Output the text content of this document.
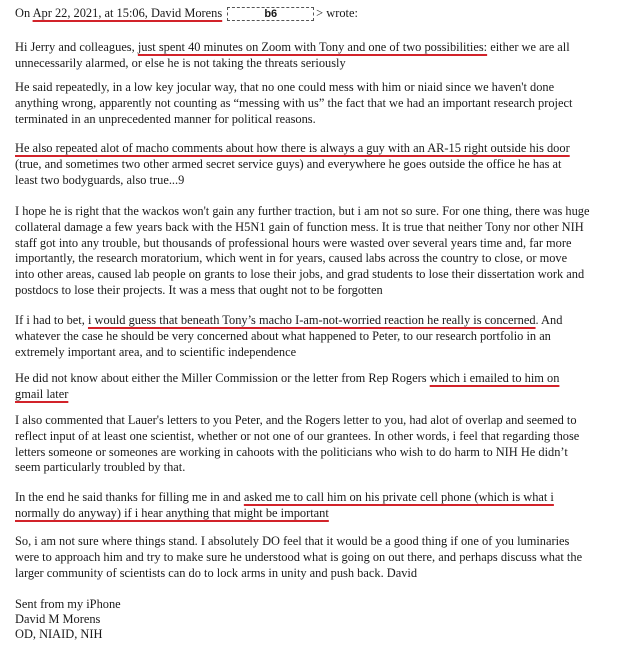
On Apr 22, 2021, at 15:06, David Morens	b6	> wrote:
Hi Jerry and colleagues, just spent 40 minutes on Zoom with Tony and one of two possibilities: either we are all
unnecessarily alarmed, or else he is not taking the threats seriously
He said repeatedly, in a low key jocular way, that no one could mess with him or niaid since we haven't done
anything wrong, apparently not counting as “messing with us” the fact that we had an important research project
terminated in an unprecedented manner for political reasons.
He also repeated alot of macho comments about how there is always a guy with an AR-15 right outside his door
(true, and sometimes two other armed secret service guys) and everywhere he goes outside the office he has at
least two bodyguards, also true...9
I hope he is right that the wackos won't gain any further traction, but i am not so sure. For one thing, there was huge
collateral damage a few years back with the H5N1 gain of function mess. It is true that neither Tony nor other NIH
staff got into any trouble, but thousands of professional hours were wasted over several years time and, far more
importantly, the research moratorium, which went in for years, caused labs across the country to close, or move
into other areas, caused lab people on grants to lose their jobs, and grad students to lose their dissertation work and
postdocs to lose their projects. It was a mess that ought not to be forgotten
If i had to bet, i would guess that beneath Tony’s macho I-am-not-worried reaction he really is concerned. And
whatever the case he should be very concerned about what happened to Peter, to our research portfolio in an
extremely important area, and to scientific independence
He did not know about either the Miller Commission or the letter from Rep Rogers which i emailed to him on
gmail later
I also commented that Lauer's letters to you Peter, and the Rogers letter to you, had alot of overlap and seemed to
reflect input of at least one scientist, whether or not one of our grantees. In other words, i feel that regarding those
letters someone or someones are working in cahoots with the politicians who wish to do harm to NIH He didn’t
seem particularly troubled by that.
In the end he said thanks for filling me in and asked me to call him on his private cell phone (which is what i
normally do anyway) if i hear anything that might be important
So, i am not sure where things stand. I absolutely DO feel that it would be a good thing if one of you luminaries
were to approach him and try to make sure he understood what is going on out there, and perhaps discuss what the
larger community of scientists can do to lock arms in unity and push back. David
Sent from my iPhone
David M Morens
OD, NIAID, NIH
